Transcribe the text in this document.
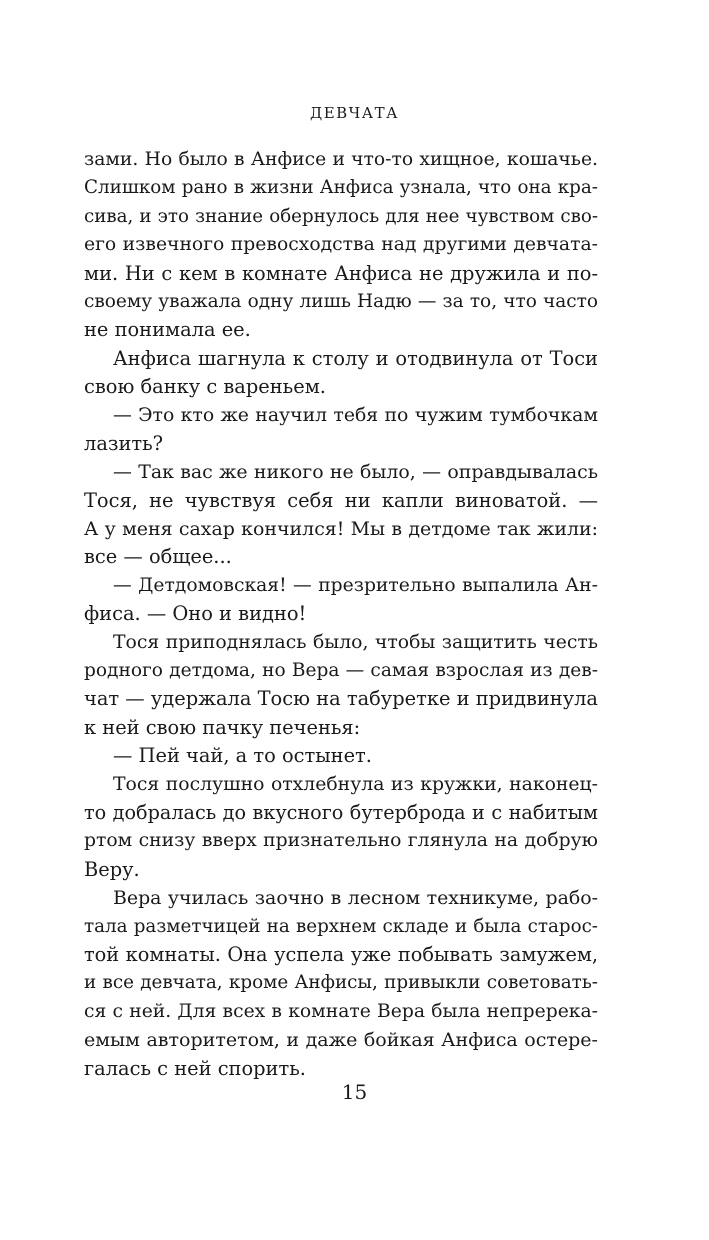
ДЕВЧАТА
зами. Но было в Анфисе и что-то хищное, кошачье.
Слишком рано в жизни Анфиса узнала, что она кра-
сива, и это знание обернулось для нее чувством сво-
его извечного превосходства над другими девчата-
ми. Ни с кем в комнате Анфиса не дружила и по-
своему уважала одну лишь Надю — за то, что часто
не понимала ее.
Анфиса шагнула к столу и отодвинула от Тоси
свою банку с вареньем.
— Это кто же научил тебя по чужим тумбочкам
лазить?
— Так вас же никого не было, — оправдывалась
Тося, не чувствуя себя ни капли виноватой. —
А у меня сахар кончился! Мы в детдоме так жили:
все — общее...
— Детдомовская! — презрительно выпалила Ан-
фиса. — Оно и видно!
Тося приподнялась было, чтобы защитить честь
родного детдома, но Вера — самая взрослая из дев-
чат — удержала Тосю на табуретке и придвинула
к ней свою пачку печенья:
— Пей чай, а то остынет.
Тося послушно отхлебнула из кружки, наконец-
то добралась до вкусного бутерброда и с набитым
ртом снизу вверх признательно глянула на добрую
Веру.
Вера училась заочно в лесном техникуме, рабо-
тала разметчицей на верхнем складе и была старос-
той комнаты. Она успела уже побывать замужем,
и все девчата, кроме Анфисы, привыкли советовать-
ся с ней. Для всех в комнате Вера была непререка-
емым авторитетом, и даже бойкая Анфиса остере-
галась с ней спорить.
15
